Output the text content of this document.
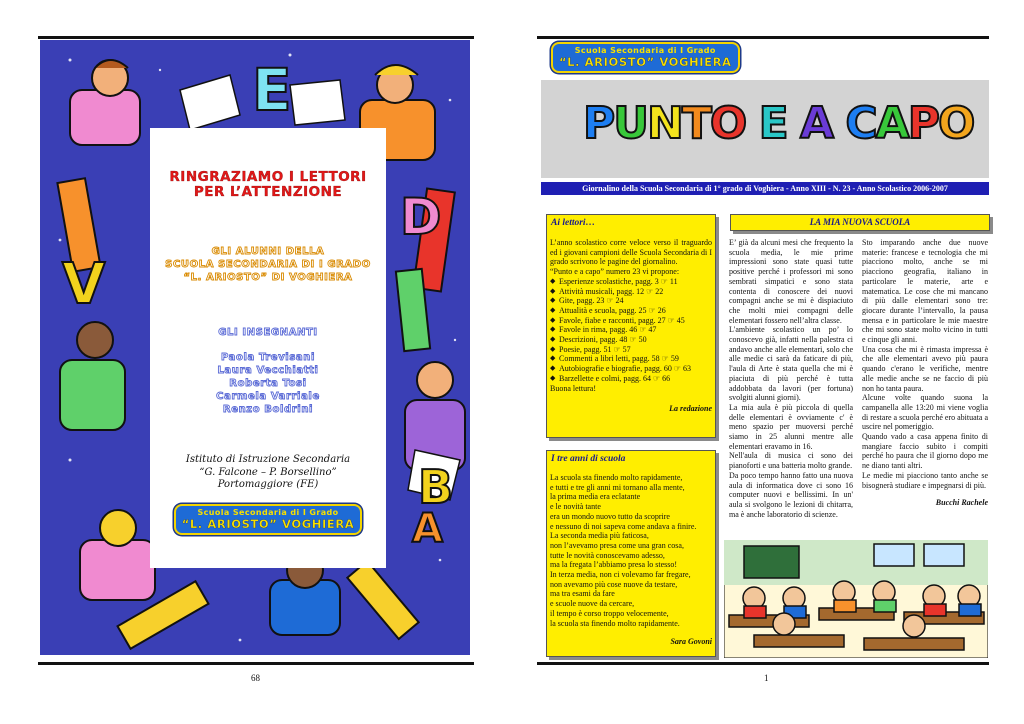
E
V
D
B
A
RINGRAZIAMO I LETTORI
PER L’ATTENZIONE
GLI ALUNNI DELLA
SCUOLA SECONDARIA DI I GRADO
“L. ARIOSTO” DI VOGHIERA
GLI INSEGNANTI
Paola Trevisani
Laura Vecchiatti
Roberta Tosi
Carmela Varriale
Renzo Boldrini
Istituto di Istruzione Secondaria
“G. Falcone – P. Borsellino”
Portomaggiore (FE)
Scuola Secondaria di I Grado
“L. ARIOSTO” VOGHIERA
68
Scuola Secondaria di I Grado
“L. ARIOSTO” VOGHIERA
PUNTO E A CAPO
Giornalino della Scuola Secondaria di 1° grado di Voghiera - Anno XIII - N. 23 - Anno Scolastico 2006-2007
Ai lettori…
L’anno scolastico corre veloce verso il traguardo ed i giovani campioni delle Scuola Secondaria di I grado scrivono le pagine del giornalino.
“Punto e a capo” numero 23 vi propone:
◆ Esperienze scolastiche, pagg. 3 ☞ 11
◆ Attività musicali, pagg. 12 ☞ 22
◆ Gite, pagg. 23 ☞ 24
◆ Attualità e scuola, pagg. 25 ☞ 26
◆ Favole, fiabe e racconti, pagg. 27 ☞ 45
◆ Favole in rima, pagg. 46 ☞ 47
◆ Descrizioni, pagg. 48 ☞ 50
◆ Poesie, pagg. 51 ☞ 57
◆ Commenti a libri letti, pagg. 58 ☞ 59
◆ Autobiografie e biografie, pagg. 60 ☞ 63
◆ Barzellette e colmi, pagg. 64 ☞ 66
Buona lettura!
La redazione
I tre anni di scuola
La scuola sta finendo molto rapidamente,
e tutti e tre gli anni mi tornano alla mente,
la prima media era eclatante
e le novità tante
era un mondo nuovo tutto da scoprire
e nessuno di noi sapeva come andava a finire.
La seconda media più faticosa,
non l’avevamo presa come una gran cosa,
tutte le novità conoscevamo adesso,
ma la fregata l’abbiamo presa lo stesso!
In terza media, non ci volevamo far fregare,
non avevamo più cose nuove da testare,
ma tra esami da fare
e scuole nuove da cercare,
il tempo è corso troppo velocemente,
la scuola sta finendo molto rapidamente.
Sara Govoni
LA MIA NUOVA SCUOLA

E’ già da alcuni mesi che frequento la scuola media, le mie prime impressioni sono state quasi tutte positive perché i professori mi sono sembrati simpatici e sono stata contenta di conoscere dei nuovi compagni anche se mi è dispiaciuto che molti miei compagni delle elementari fossero nell’altra classe.

L'ambiente scolastico un po’ lo conoscevo già, infatti nella palestra ci andavo anche alle elementari, solo che alle medie ci sarà da faticare di più, l'aula di Arte è stata quella che mi è piaciuta di più perché è tutta addobbata da lavori (per fortuna) svolgiti alunni giorni).

La mia aula è più piccola di quella delle elementari è ovviamente c' è meno spazio per muoversi perché siamo in 25 alunni mentre alle elementari eravamo in 16.

Nell'aula di musica ci sono dei pianoforti e una batteria molto grande.

Da poco tempo hanno fatto una nuova aula di informatica dove ci sono 16 computer nuovi e bellissimi. In un' aula si svolgono le lezioni di chitarra, ma è anche laboratorio di scienze.

Sto imparando anche due nuove materie: francese e tecnologia che mi piacciono molto, anche se mi piacciono geografia, italiano in particolare le materie, arte e matematica. Le cose che mi mancano di più dalle elementari sono tre: giocare durante l’intervallo, la pausa mensa e in particolare le mie maestre che mi sono state molto vicino in tutti e cinque gli anni.

Una cosa che mi è rimasta impressa è che alle elementari avevo più paura quando c'erano le verifiche, mentre alle medie anche se ne faccio di più non ho tanta paura.

Alcune volte quando suona la campanella alle 13:20 mi viene voglia di restare a scuola perché ero abituata a uscire nel pomeriggio.

Quando vado a casa appena finito di mangiare faccio subito i compiti perché ho paura che il giorno dopo me ne diano tanti altri.

Le medie mi piacciono tanto anche se bisognerà studiare e impegnarsi di più.

Bucchi Rachele
1
